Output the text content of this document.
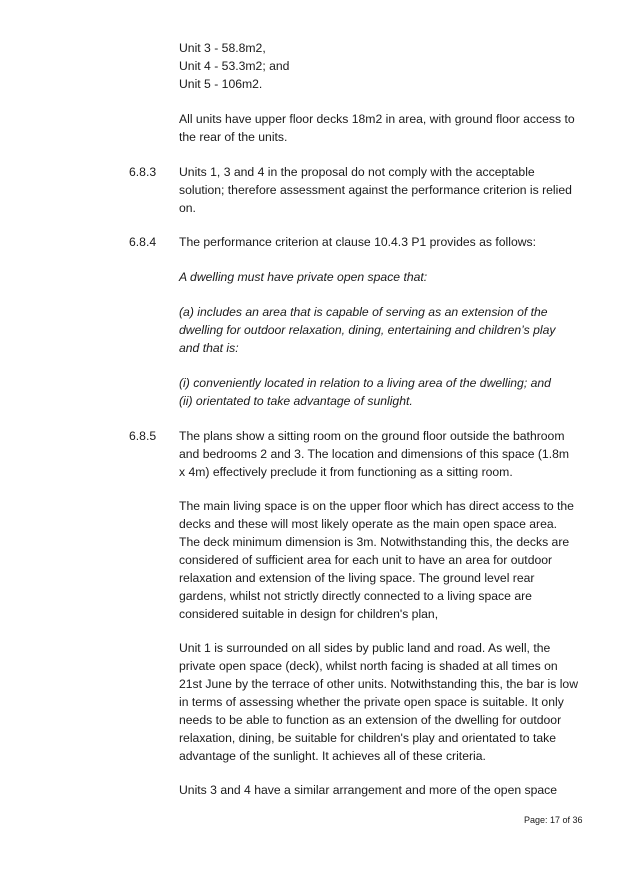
Unit 3 - 58.8m2,
Unit 4 - 53.3m2; and
Unit 5 - 106m2.
All units have upper floor decks 18m2 in area, with ground floor access to
the rear of the units.
6.8.3 Units 1, 3 and 4 in the proposal do not comply with the acceptable
solution; therefore assessment against the performance criterion is relied
on.
6.8.4 The performance criterion at clause 10.4.3 P1 provides as follows:
A dwelling must have private open space that:
(a) includes an area that is capable of serving as an extension of the
dwelling for outdoor relaxation, dining, entertaining and children’s play
and that is:
(i) conveniently located in relation to a living area of the dwelling; and
(ii) orientated to take advantage of sunlight.
6.8.5 The plans show a sitting room on the ground floor outside the bathroom
and bedrooms 2 and 3. The location and dimensions of this space (1.8m
x 4m) effectively preclude it from functioning as a sitting room.
The main living space is on the upper floor which has direct access to the
decks and these will most likely operate as the main open space area.
The deck minimum dimension is 3m. Notwithstanding this, the decks are
considered of sufficient area for each unit to have an area for outdoor
relaxation and extension of the living space. The ground level rear
gardens, whilst not strictly directly connected to a living space are
considered suitable in design for children's plan,
Unit 1 is surrounded on all sides by public land and road. As well, the
private open space (deck), whilst north facing is shaded at all times on
21st June by the terrace of other units. Notwithstanding this, the bar is low
in terms of assessing whether the private open space is suitable. It only
needs to be able to function as an extension of the dwelling for outdoor
relaxation, dining, be suitable for children's play and orientated to take
advantage of the sunlight. It achieves all of these criteria.
Units 3 and 4 have a similar arrangement and more of the open space
Page: 17 of 36
